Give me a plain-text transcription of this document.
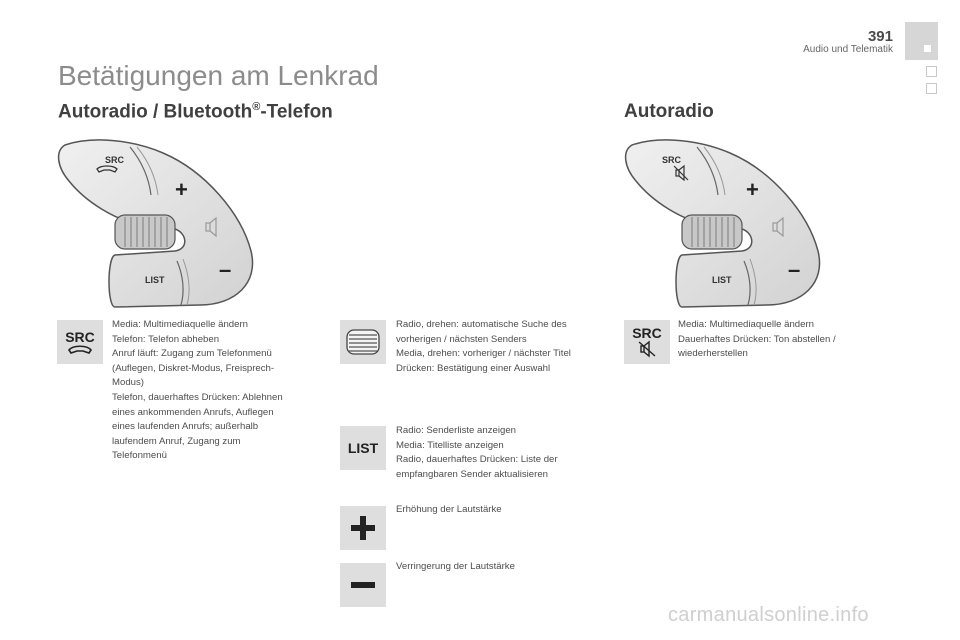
391
Audio und Telematik
Betätigungen am Lenkrad
Autoradio / Bluetooth®-Telefon	Autoradio
SRC
+
–
LIST
SRC
+
–
LIST
SRC
Media: Multimediaquelle ändern
Telefon: Telefon abheben
Anruf läuft: Zugang zum Telefonmenü
(Auflegen, Diskret-Modus, Freisprech-
Modus)
Telefon, dauerhaftes Drücken: Ablehnen
eines ankommenden Anrufs, Auflegen
eines laufenden Anrufs; außerhalb
laufendem Anruf, Zugang zum
Telefonmenü
Radio, drehen: automatische Suche des
vorherigen / nächsten Senders
Media, drehen: vorheriger / nächster Titel
Drücken: Bestätigung einer Auswahl
LIST
Radio: Senderliste anzeigen
Media: Titelliste anzeigen
Radio, dauerhaftes Drücken: Liste der
empfangbaren Sender aktualisieren
Erhöhung der Lautstärke
Verringerung der Lautstärke
SRC
Media: Multimediaquelle ändern
Dauerhaftes Drücken: Ton abstellen /
wiederherstellen
carmanualsonline.info
